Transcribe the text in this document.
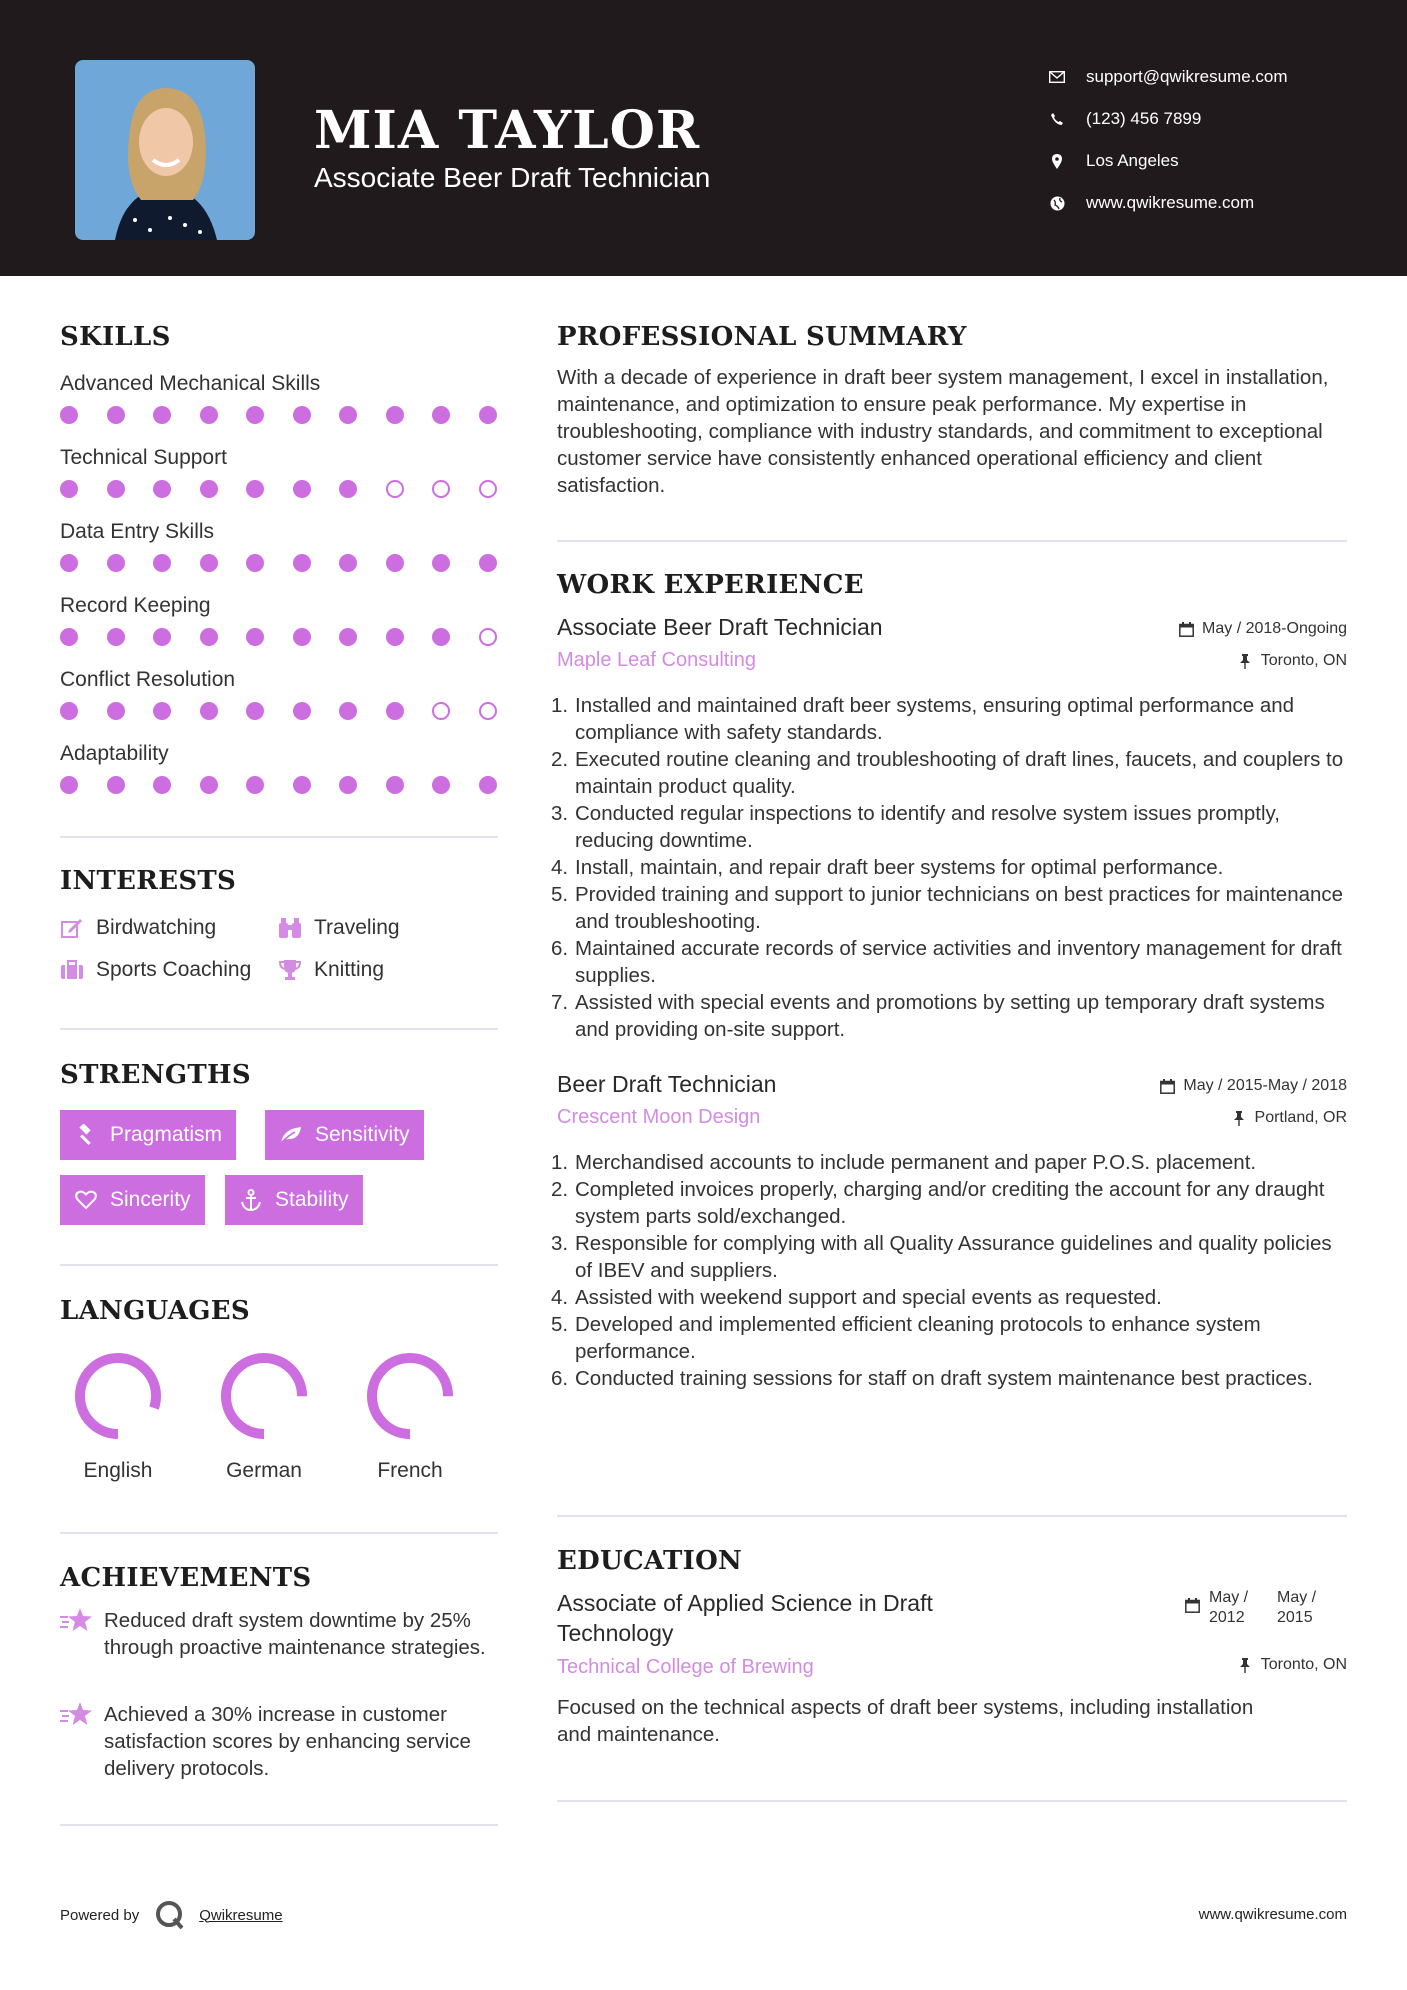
MIA TAYLOR
Associate Beer Draft Technician
support@qwikresume.com
(123) 456 7899
Los Angeles
www.qwikresume.com
SKILLS
Advanced Mechanical Skills
Technical Support
Data Entry Skills
Record Keeping
Conflict Resolution
Adaptability
INTERESTS
Birdwatching	Traveling
Sports Coaching	Knitting
STRENGTHS
Pragmatism	Sensitivity
Sincerity	Stability
LANGUAGES
English	German	French
ACHIEVEMENTS
Reduced draft system downtime by 25% through proactive maintenance strategies.
Achieved a 30% increase in customer satisfaction scores by enhancing service delivery protocols.
PROFESSIONAL SUMMARY
With a decade of experience in draft beer system management, I excel in installation, maintenance, and optimization to ensure peak performance. My expertise in troubleshooting, compliance with industry standards, and commitment to exceptional customer service have consistently enhanced operational efficiency and client satisfaction.
WORK EXPERIENCE
Associate Beer Draft Technician
Maple Leaf Consulting
May / 2018-Ongoing
Toronto, ON
1. Installed and maintained draft beer systems, ensuring optimal performance and compliance with safety standards.
2. Executed routine cleaning and troubleshooting of draft lines, faucets, and couplers to maintain product quality.
3. Conducted regular inspections to identify and resolve system issues promptly, reducing downtime.
4. Install, maintain, and repair draft beer systems for optimal performance.
5. Provided training and support to junior technicians on best practices for maintenance and troubleshooting.
6. Maintained accurate records of service activities and inventory management for draft supplies.
7. Assisted with special events and promotions by setting up temporary draft systems and providing on-site support.
Beer Draft Technician
Crescent Moon Design
May / 2015-May / 2018
Portland, OR
1. Merchandised accounts to include permanent and paper P.O.S. placement.
2. Completed invoices properly, charging and/or crediting the account for any draught system parts sold/exchanged.
3. Responsible for complying with all Quality Assurance guidelines and quality policies of IBEV and suppliers.
4. Assisted with weekend support and special events as requested.
5. Developed and implemented efficient cleaning protocols to enhance system performance.
6. Conducted training sessions for staff on draft system maintenance best practices.
EDUCATION
Associate of Applied Science in Draft Technology
Technical College of Brewing
May / 2012
May / 2015
Toronto, ON
Focused on the technical aspects of draft beer systems, including installation and maintenance.
Powered by	Qwikresume	www.qwikresume.com
